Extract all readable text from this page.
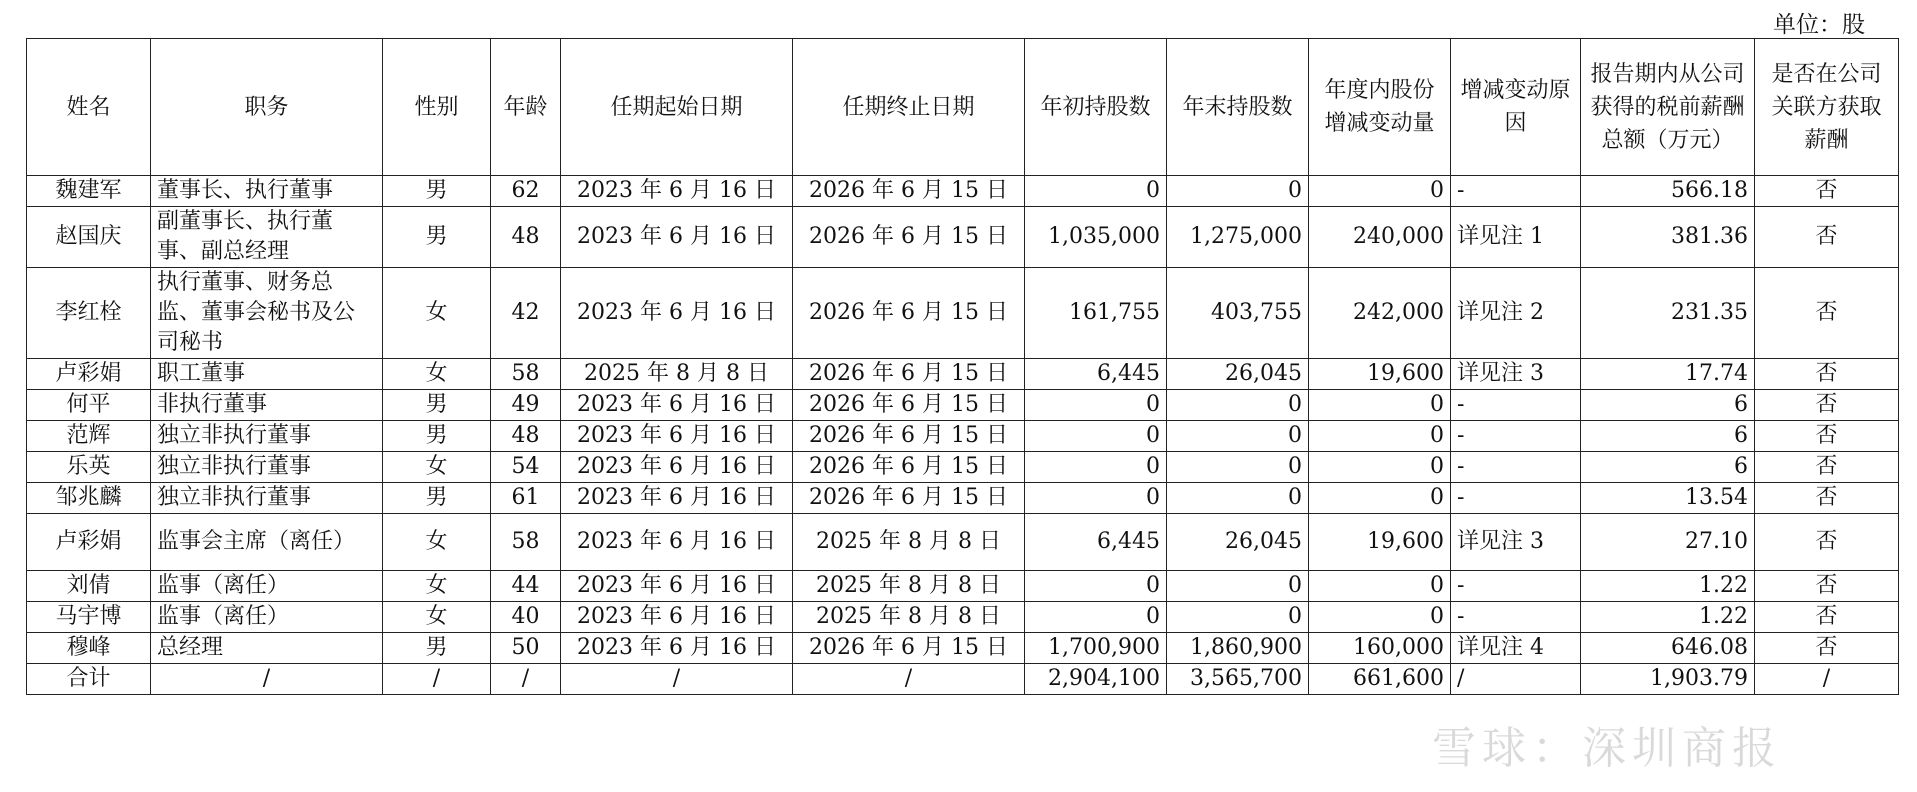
单位：股
姓名	职务	性别	年龄	任期起始日期	任期终止日期	年初持股数	年末持股数	年度内股份增减变动量	增减变动原因	报告期内从公司获得的税前薪酬总额（万元）	是否在公司关联方获取薪酬
魏建军	董事长、执行董事	男	62	2023 年 6 月 16 日	2026 年 6 月 15 日	0	0	0	-	566.18	否
赵国庆	副董事长、执行董事、副总经理	男	48	2023 年 6 月 16 日	2026 年 6 月 15 日	1,035,000	1,275,000	240,000	详见注 1	381.36	否
李红栓	执行董事、财务总监、董事会秘书及公司秘书	女	42	2023 年 6 月 16 日	2026 年 6 月 15 日	161,755	403,755	242,000	详见注 2	231.35	否
卢彩娟	职工董事	女	58	2025 年 8 月 8 日	2026 年 6 月 15 日	6,445	26,045	19,600	详见注 3	17.74	否
何平	非执行董事	男	49	2023 年 6 月 16 日	2026 年 6 月 15 日	0	0	0	-	6	否
范辉	独立非执行董事	男	48	2023 年 6 月 16 日	2026 年 6 月 15 日	0	0	0	-	6	否
乐英	独立非执行董事	女	54	2023 年 6 月 16 日	2026 年 6 月 15 日	0	0	0	-	6	否
邹兆麟	独立非执行董事	男	61	2023 年 6 月 16 日	2026 年 6 月 15 日	0	0	0	-	13.54	否
卢彩娟	监事会主席（离任）	女	58	2023 年 6 月 16 日	2025 年 8 月 8 日	6,445	26,045	19,600	详见注 3	27.10	否
刘倩	监事（离任）	女	44	2023 年 6 月 16 日	2025 年 8 月 8 日	0	0	0	-	1.22	否
马宇博	监事（离任）	女	40	2023 年 6 月 16 日	2025 年 8 月 8 日	0	0	0	-	1.22	否
穆峰	总经理	男	50	2023 年 6 月 16 日	2026 年 6 月 15 日	1,700,900	1,860,900	160,000	详见注 4	646.08	否
合计	/	/	/	/	/	2,904,100	3,565,700	661,600	/	1,903.79	/
雪球：深圳商报
